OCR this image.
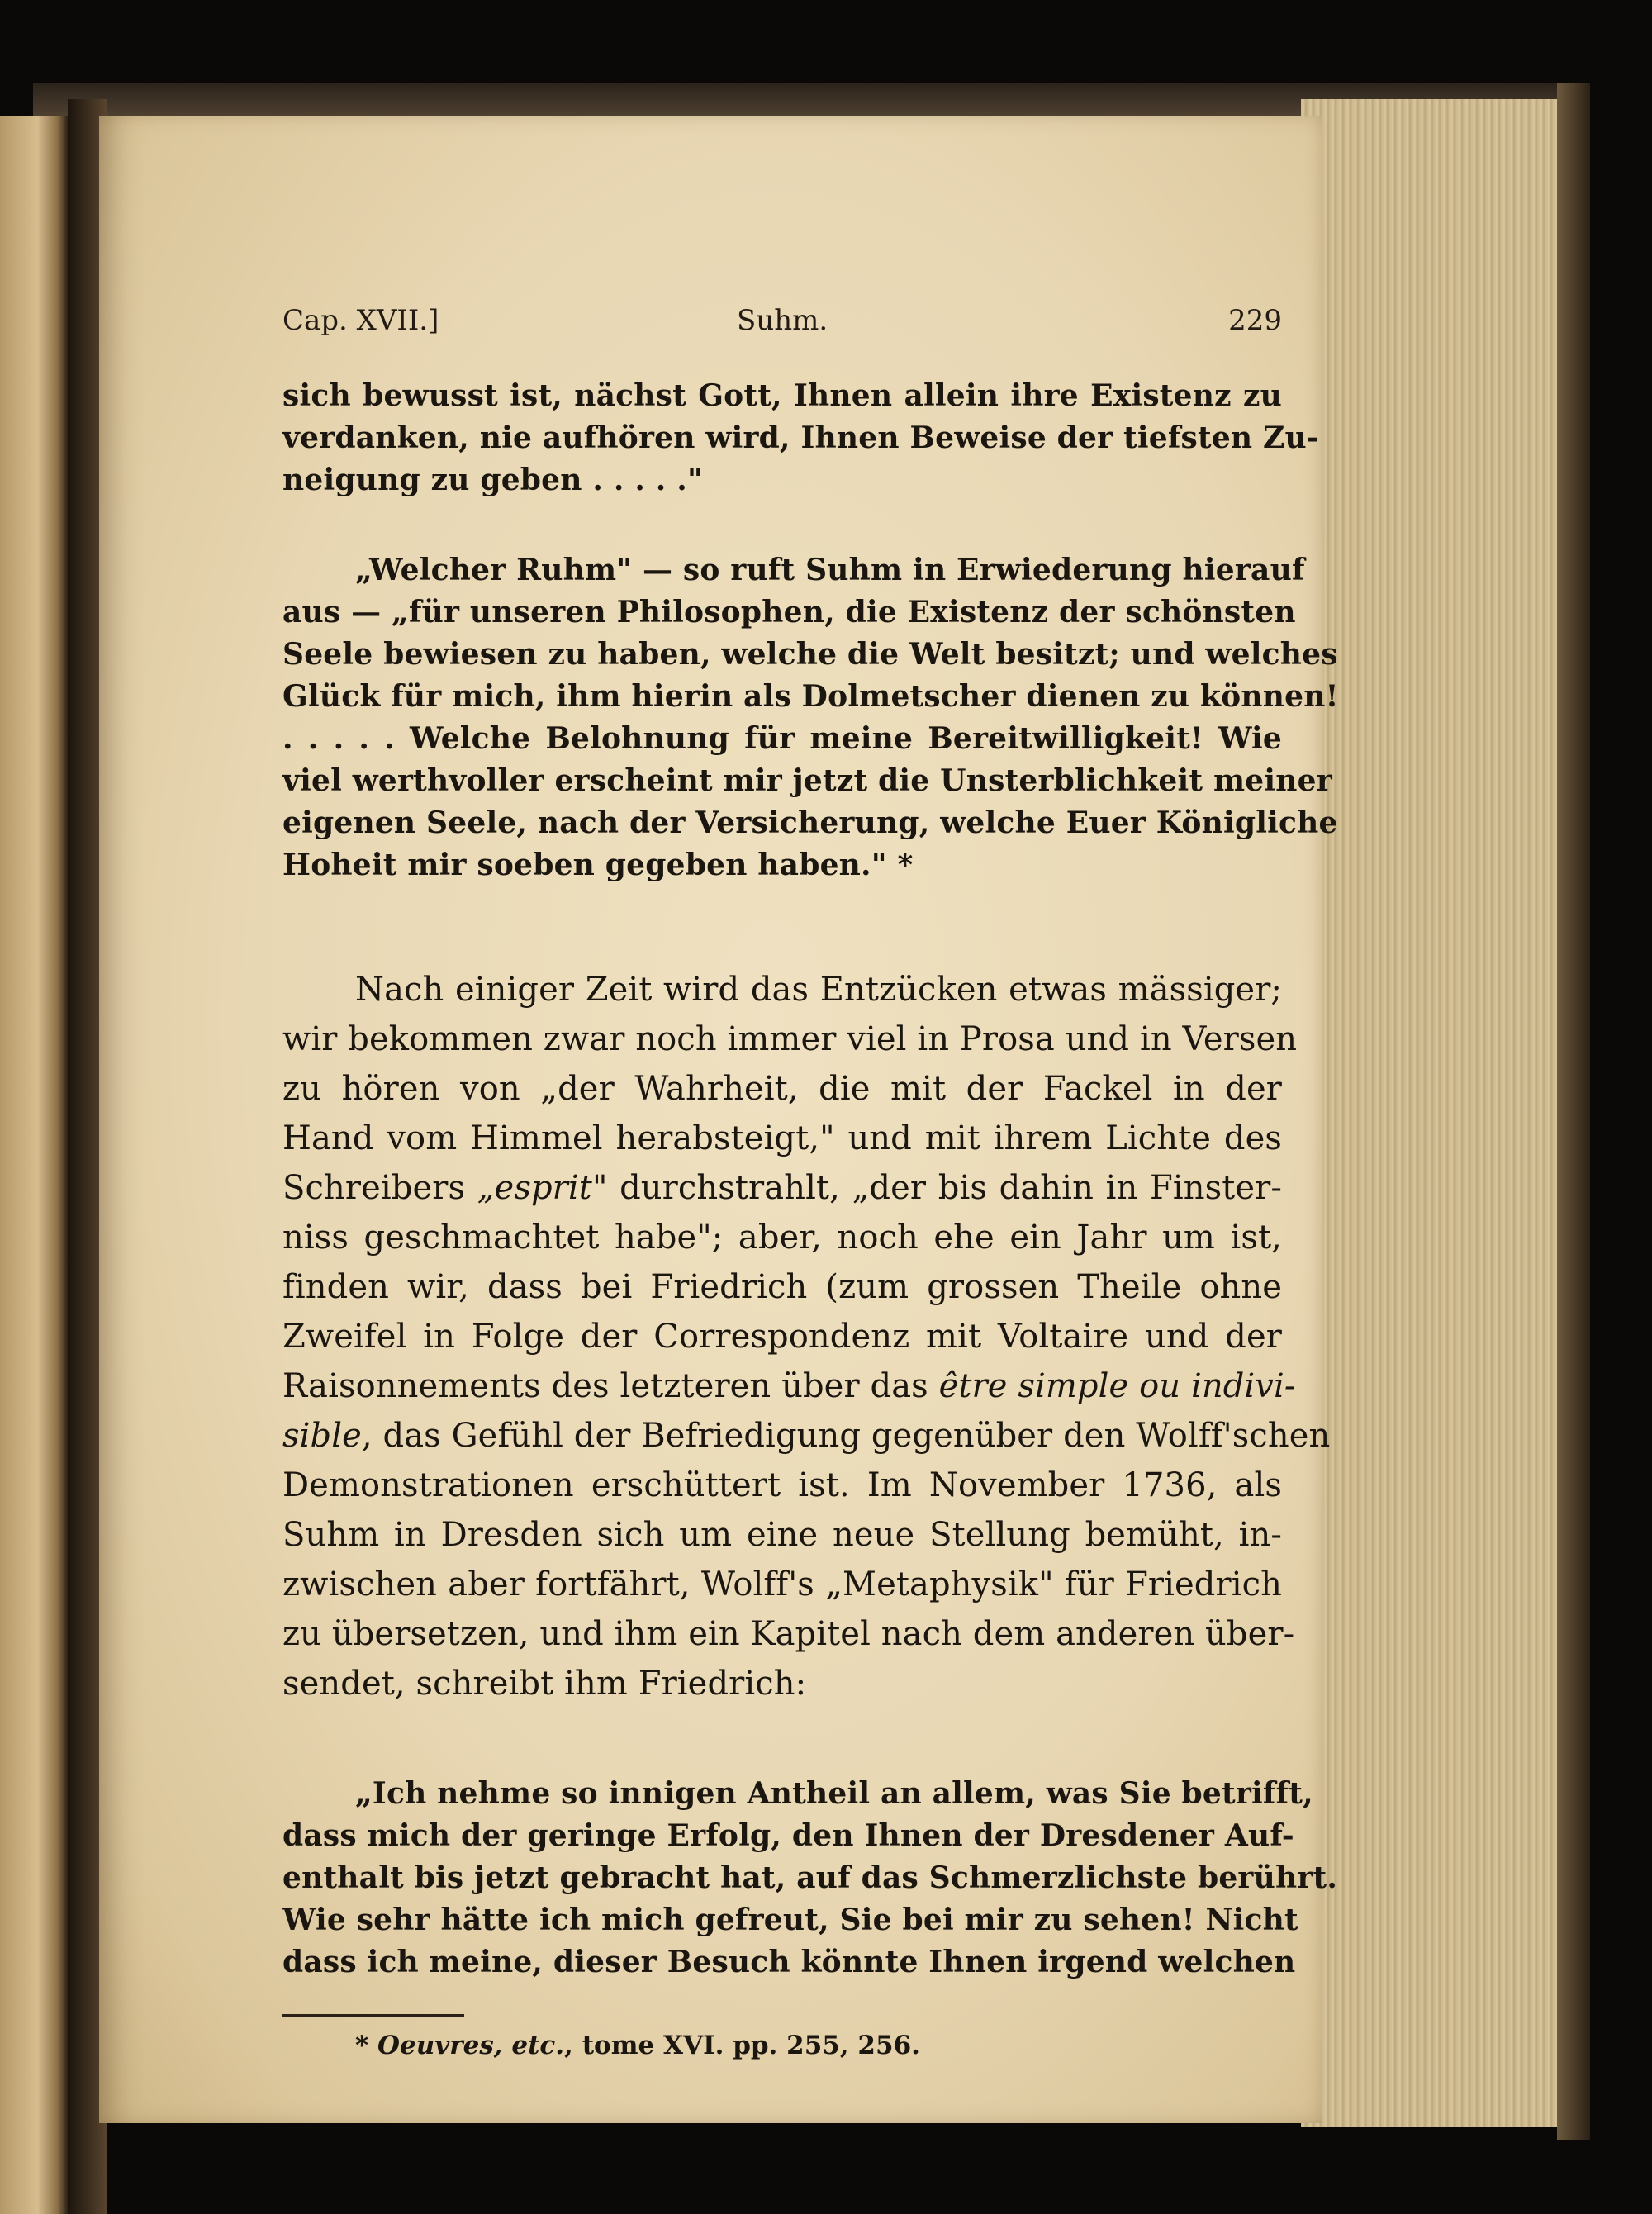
Cap. XVII.]	Suhm.	229
sich bewusst ist, nächst Gott, Ihnen allein ihre Existenz zu
verdanken, nie aufhören wird, Ihnen Beweise der tiefsten Zu-
neigung zu geben . . . . ."
„Welcher Ruhm" — so ruft Suhm in Erwiederung hierauf
aus — „für unseren Philosophen, die Existenz der schönsten
Seele bewiesen zu haben, welche die Welt besitzt; und welches
Glück für mich, ihm hierin als Dolmetscher dienen zu können!
. . . . . Welche Belohnung für meine Bereitwilligkeit! Wie
viel werthvoller erscheint mir jetzt die Unsterblichkeit meiner
eigenen Seele, nach der Versicherung, welche Euer Königliche
Hoheit mir soeben gegeben haben." *
Nach einiger Zeit wird das Entzücken etwas mässiger;
wir bekommen zwar noch immer viel in Prosa und in Versen
zu hören von „der Wahrheit, die mit der Fackel in der
Hand vom Himmel herabsteigt," und mit ihrem Lichte des
Schreibers „esprit" durchstrahlt, „der bis dahin in Finster-
niss geschmachtet habe"; aber, noch ehe ein Jahr um ist,
finden wir, dass bei Friedrich (zum grossen Theile ohne
Zweifel in Folge der Correspondenz mit Voltaire und der
Raisonnements des letzteren über das être simple ou indivi-
sible, das Gefühl der Befriedigung gegenüber den Wolff'schen
Demonstrationen erschüttert ist. Im November 1736, als
Suhm in Dresden sich um eine neue Stellung bemüht, in-
zwischen aber fortfährt, Wolff's „Metaphysik" für Friedrich
zu übersetzen, und ihm ein Kapitel nach dem anderen über-
sendet, schreibt ihm Friedrich:
„Ich nehme so innigen Antheil an allem, was Sie betrifft,
dass mich der geringe Erfolg, den Ihnen der Dresdener Auf-
enthalt bis jetzt gebracht hat, auf das Schmerzlichste berührt.
Wie sehr hätte ich mich gefreut, Sie bei mir zu sehen! Nicht
dass ich meine, dieser Besuch könnte Ihnen irgend welchen
* Oeuvres, etc., tome XVI. pp. 255, 256.
